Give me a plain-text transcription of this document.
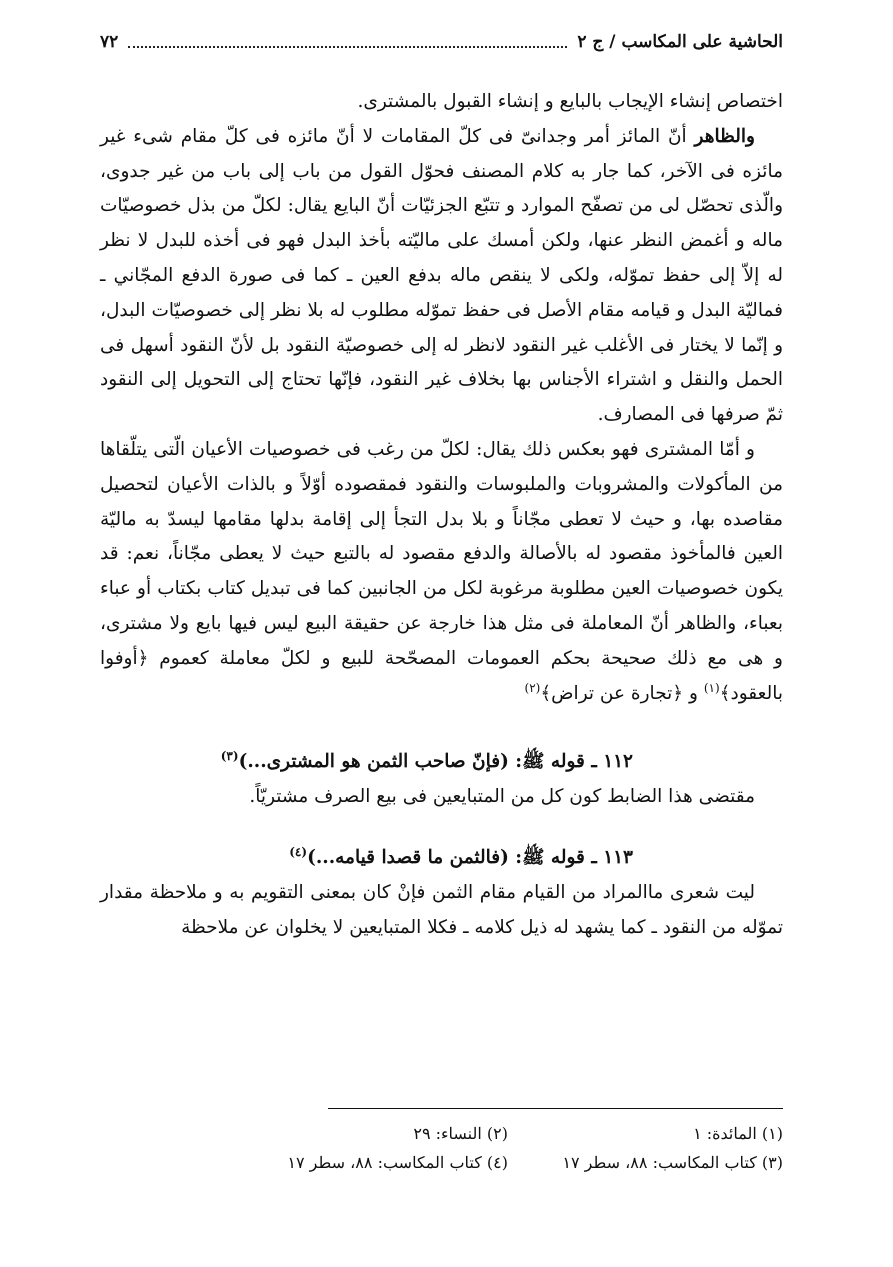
الحاشية على المكاسب / ج ٢
٧٢

اختصاص إنشاء الإيجاب بالبايع و إنشاء القبول بالمشترى.

والظاهر أنّ المائز أمر وجدانىّ فى كلّ المقامات لا أنّ مائزه فى كلّ مقام شىء غير مائزه فى الآخر، كما جار به كلام المصنف فحوّل القول من باب إلى باب من غير جدوى، والّذى تحصّل لى من تصفّح الموارد و تتبّع الجزئيّات أنّ البايع يقال: لكلّ من بذل خصوصيّات ماله و أغمض النظر عنها، ولكن أمسك على ماليّته بأخذ البدل فهو فى أخذه للبدل لا نظر له إلاّ إلى حفظ تموّله، ولكى لا ينقص ماله بدفع العين ـ كما فى صورة الدفع المجّاني ـ فماليّة البدل و قيامه مقام الأصل فى حفظ تموّله مطلوب له بلا نظر إلى خصوصيّات البدل، و إنّما لا يختار فى الأغلب غير النقود لانظر له إلى خصوصيّة النقود بل لأنّ النقود أسهل فى الحمل والنقل و اشتراء الأجناس بها بخلاف غير النقود، فإنّها تحتاج إلى التحويل إلى النقود ثمّ صرفها فى المصارف.

و أمّا المشترى فهو بعكس ذلك يقال: لكلّ من رغب فى خصوصيات الأعيان الّتى يتلّقاها من المأكولات والمشروبات والملبوسات والنقود فمقصوده أوّلاً و بالذات الأعيان لتحصيل مقاصده بها، و حيث لا تعطى مجّاناً و بلا بدل التجأ إلى إقامة بدلها مقامها ليسدّ به ماليّة العين فالمأخوذ مقصود له بالأصالة والدفع مقصود له بالتبع حيث لا يعطى مجّاناً، نعم: قد يكون خصوصيات العين مطلوبة مرغوبة لكل من الجانبين كما فى تبديل كتاب بكتاب أو عباء بعباء، والظاهر أنّ المعاملة فى مثل هذا خارجة عن حقيقة البيع ليس فيها بايع ولا مشترى، و هى مع ذلك صحيحة بحكم العمومات المصحّحة للبيع و لكلّ معاملة كعموم ﴿أوفوا بالعقود﴾$^{(١)}$ و ﴿تجارة عن تراض﴾$^{(٢)}$

١١٢ ـ قوله ﷺ: (فإنّ صاحب الثمن هو المشترى...)$^{(٣)}$

مقتضى هذا الضابط كون كل من المتبايعين فى بيع الصرف مشتريّاً.

١١٣ ـ قوله ﷺ: (فالثمن ما قصدا قيامه...)$^{(٤)}$

ليت شعرى ماالمراد من القيام مقام الثمن فإنْ كان بمعنى التقويم به و ملاحظة مقدار تموّله من النقود ـ كما يشهد له ذيل كلامه ـ فكلا المتبايعين لا يخلوان عن ملاحظة

(١) المائدة: ١
(٢) النساء: ٢٩
(٣) كتاب المكاسب: ٨٨، سطر ١٧
(٤) كتاب المكاسب: ٨٨، سطر ١٧
